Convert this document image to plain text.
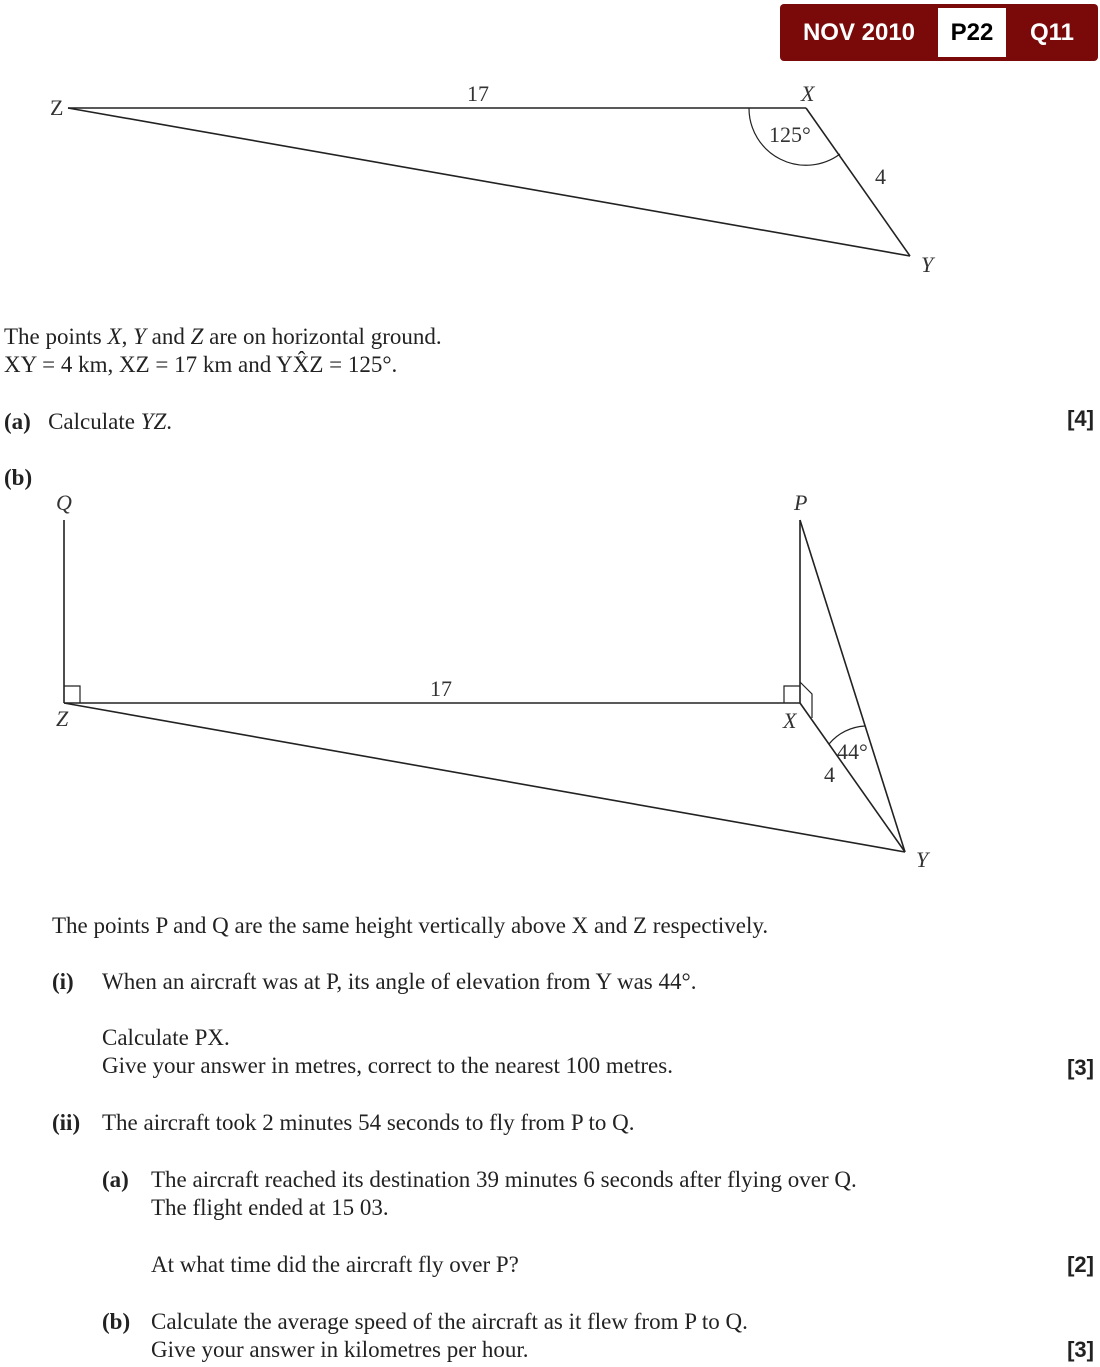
NOV 2010	P22	Q11
Z
17	X
125°
4
Y
Q	P
Z
17
X
44°
4
Y
The points X, Y and Z are on horizontal ground.
XY = 4 km, XZ = 17 km and YX̂Z = 125°.
(a) Calculate YZ.	[4]
(b)
The points P and Q are the same height vertically above X and Z respectively.
(i) When an aircraft was at P, its angle of elevation from Y was 44°.
Calculate PX.
Give your answer in metres, correct to the nearest 100 metres.	[3]
(ii) The aircraft took 2 minutes 54 seconds to fly from P to Q.
(a) The aircraft reached its destination 39 minutes 6 seconds after flying over Q.
The flight ended at 15 03.
At what time did the aircraft fly over P?	[2]
(b) Calculate the average speed of the aircraft as it flew from P to Q.
Give your answer in kilometres per hour.	[3]
